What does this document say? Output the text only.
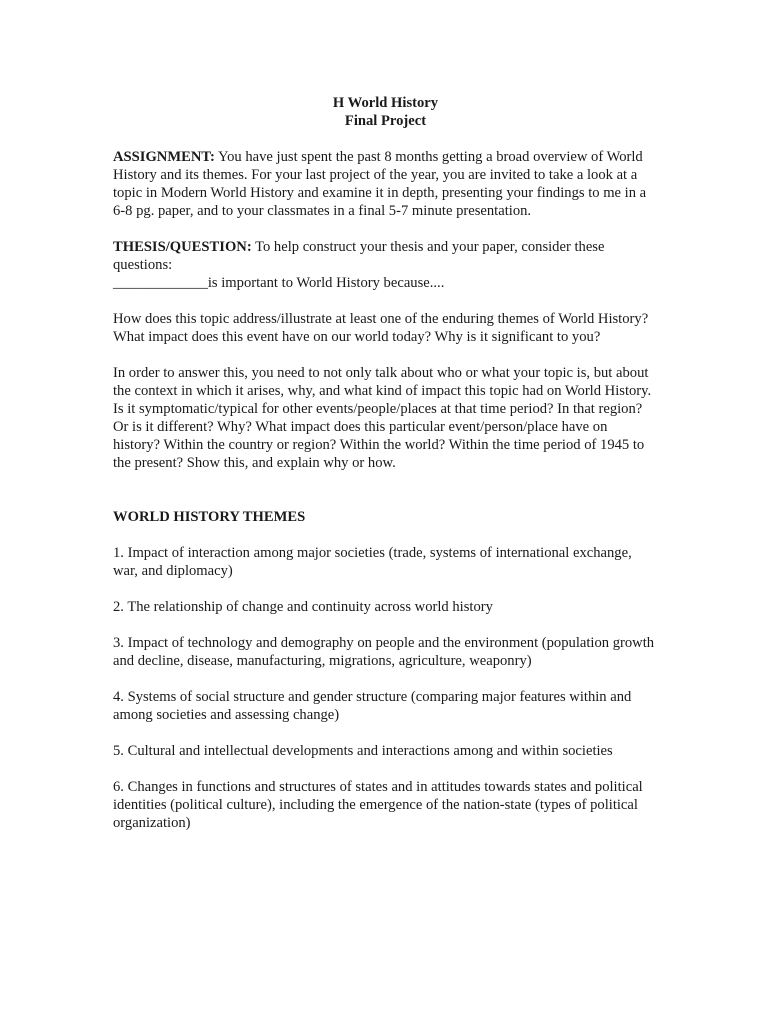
H World History
Final Project
ASSIGNMENT: You have just spent the past 8 months getting a broad overview of World History and its themes. For your last project of the year, you are invited to take a look at a topic in Modern World History and examine it in depth, presenting your findings to me in a 6-8 pg. paper, and to your classmates in a final 5-7 minute presentation.
THESIS/QUESTION: To help construct your thesis and your paper, consider these questions:
_____________is important to World History because....
How does this topic address/illustrate at least one of the enduring themes of World History? What impact does this event have on our world today? Why is it significant to you?
In order to answer this, you need to not only talk about who or what your topic is, but about the context in which it arises, why, and what kind of impact this topic had on World History. Is it symptomatic/typical for other events/people/places at that time period? In that region? Or is it different? Why? What impact does this particular event/person/place have on history? Within the country or region? Within the world? Within the time period of 1945 to the present? Show this, and explain why or how.
WORLD HISTORY THEMES
1. Impact of interaction among major societies (trade, systems of international exchange, war, and diplomacy)
2. The relationship of change and continuity across world history
3. Impact of technology and demography on people and the environment (population growth and decline, disease, manufacturing, migrations, agriculture, weaponry)
4. Systems of social structure and gender structure (comparing major features within and among societies and assessing change)
5. Cultural and intellectual developments and interactions among and within societies
6. Changes in functions and structures of states and in attitudes towards states and political identities (political culture), including the emergence of the nation-state (types of political organization)
